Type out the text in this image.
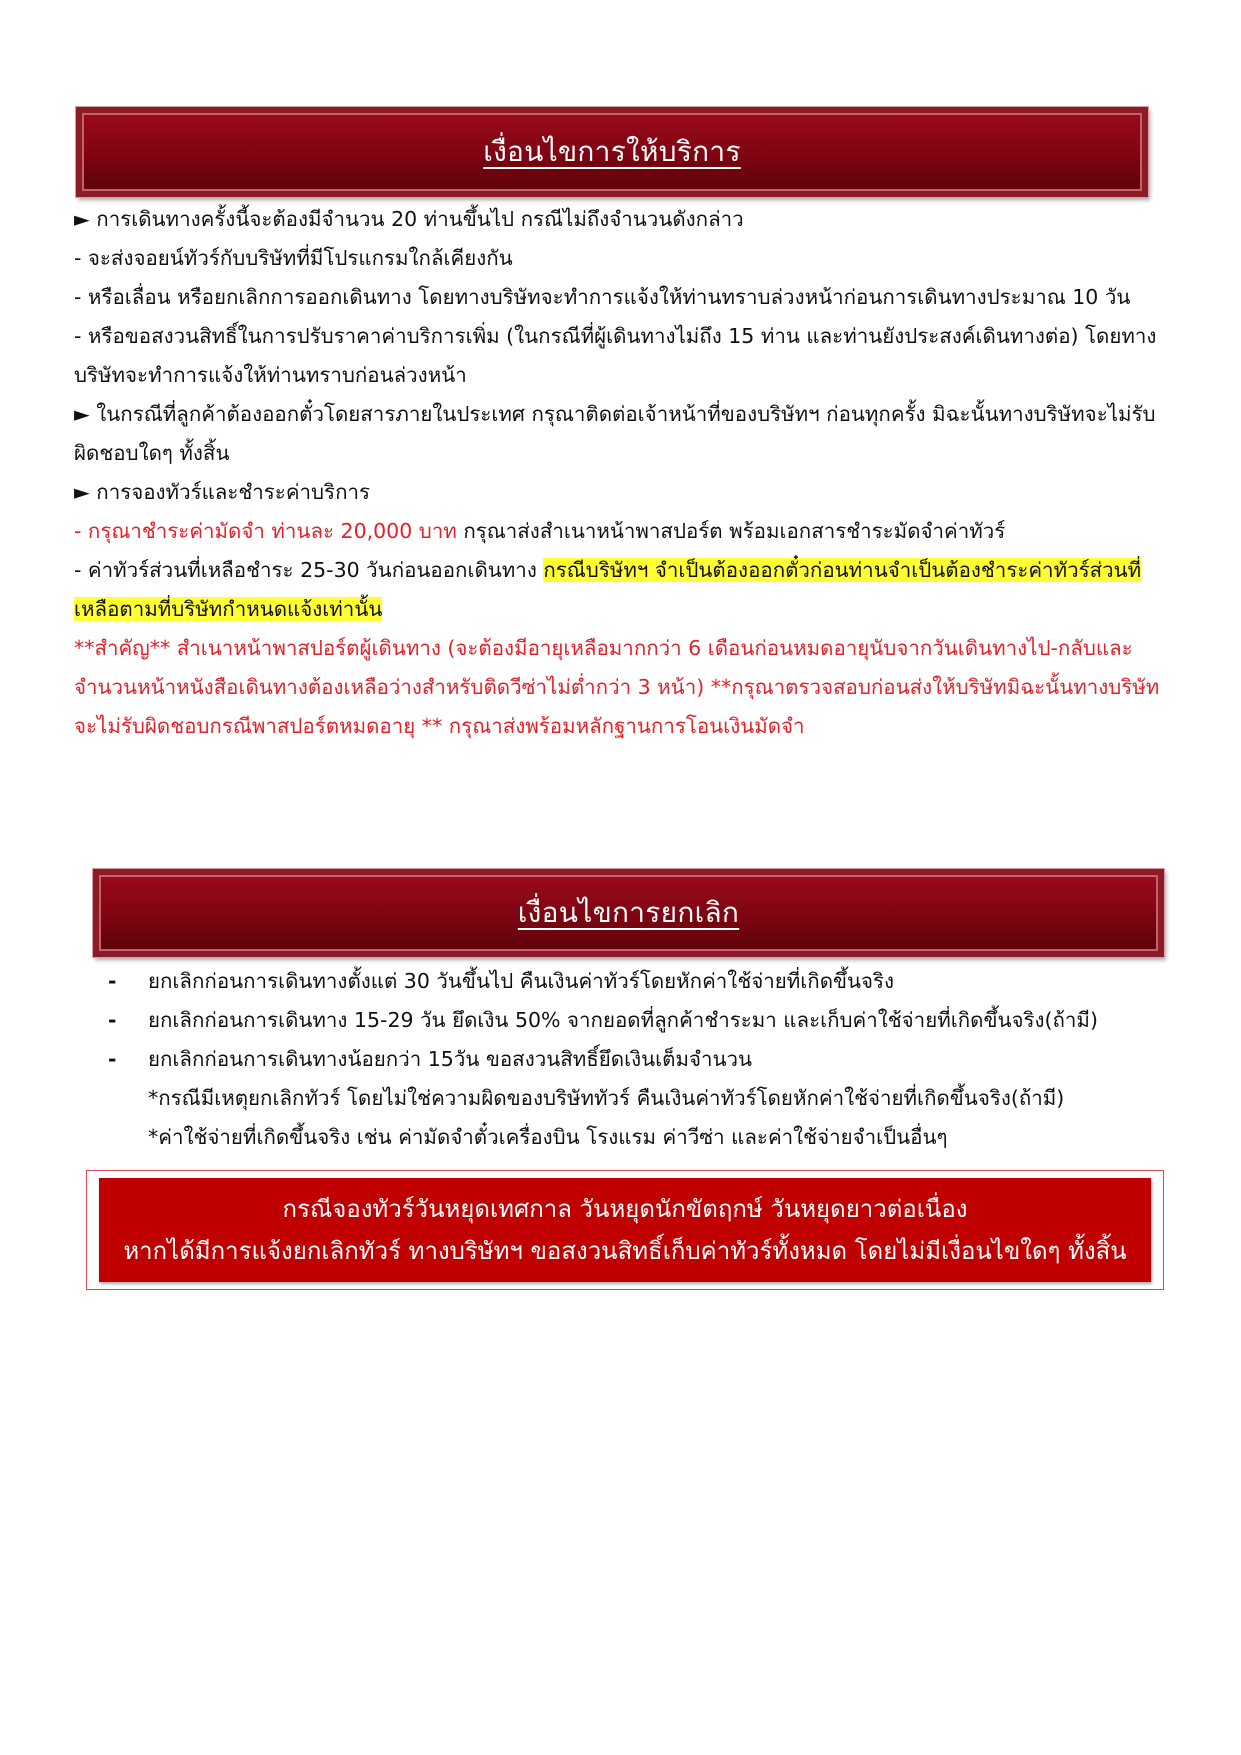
เงื่อนไขการให้บริการ

► การเดินทางครั้งนี้จะต้องมีจำนวน 20 ท่านขึ้นไป กรณีไม่ถึงจำนวนดังกล่าว

- จะส่งจอยน์ทัวร์กับบริษัทที่มีโปรแกรมใกล้เคียงกัน

- หรือเลื่อน หรือยกเลิกการออกเดินทาง โดยทางบริษัทจะทำการแจ้งให้ท่านทราบล่วงหน้าก่อนการเดินทางประมาณ 10 วัน

- หรือขอสงวนสิทธิ์ในการปรับราคาค่าบริการเพิ่ม (ในกรณีที่ผู้เดินทางไม่ถึง 15 ท่าน และท่านยังประสงค์เดินทางต่อ) โดยทางบริษัทจะทำการแจ้งให้ท่านทราบก่อนล่วงหน้า

► ในกรณีที่ลูกค้าต้องออกตั๋วโดยสารภายในประเทศ กรุณาติดต่อเจ้าหน้าที่ของบริษัทฯ ก่อนทุกครั้ง มิฉะนั้นทางบริษัทจะไม่รับผิดชอบใดๆ ทั้งสิ้น

► การจองทัวร์และชำระค่าบริการ

- กรุณาชำระค่ามัดจำ ท่านละ 20,000 บาท กรุณาส่งสำเนาหน้าพาสปอร์ต พร้อมเอกสารชำระมัดจำค่าทัวร์

- ค่าทัวร์ส่วนที่เหลือชำระ 25-30 วันก่อนออกเดินทาง กรณีบริษัทฯ จำเป็นต้องออกตั๋วก่อนท่านจำเป็นต้องชำระค่าทัวร์ส่วนที่เหลือตามที่บริษัทกำหนดแจ้งเท่านั้น

**สำคัญ** สำเนาหน้าพาสปอร์ตผู้เดินทาง (จะต้องมีอายุเหลือมากกว่า 6 เดือนก่อนหมดอายุนับจากวันเดินทางไป-กลับและจำนวนหน้าหนังสือเดินทางต้องเหลือว่างสำหรับติดวีซ่าไม่ต่ำกว่า 3 หน้า) **กรุณาตรวจสอบก่อนส่งให้บริษัทมิฉะนั้นทางบริษัทจะไม่รับผิดชอบกรณีพาสปอร์ตหมดอายุ ** กรุณาส่งพร้อมหลักฐานการโอนเงินมัดจำ

เงื่อนไขการยกเลิก
-	ยกเลิกก่อนการเดินทางตั้งแต่ 30 วันขึ้นไป คืนเงินค่าทัวร์โดยหักค่าใช้จ่ายที่เกิดขึ้นจริง
-	ยกเลิกก่อนการเดินทาง 15-29 วัน ยึดเงิน 50% จากยอดที่ลูกค้าชำระมา และเก็บค่าใช้จ่ายที่เกิดขึ้นจริง(ถ้ามี)
-	ยกเลิกก่อนการเดินทางน้อยกว่า 15วัน ขอสงวนสิทธิ์ยึดเงินเต็มจำนวน
*กรณีมีเหตุยกเลิกทัวร์ โดยไม่ใช่ความผิดของบริษัททัวร์ คืนเงินค่าทัวร์โดยหักค่าใช้จ่ายที่เกิดขึ้นจริง(ถ้ามี)
*ค่าใช้จ่ายที่เกิดขึ้นจริง เช่น ค่ามัดจำตั๋วเครื่องบิน โรงแรม ค่าวีซ่า และค่าใช้จ่ายจำเป็นอื่นๆ
กรณีจองทัวร์วันหยุดเทศกาล วันหยุดนักขัตฤกษ์ วันหยุดยาวต่อเนื่อง
หากได้มีการแจ้งยกเลิกทัวร์ ทางบริษัทฯ ขอสงวนสิทธิ์เก็บค่าทัวร์ทั้งหมด โดยไม่มีเงื่อนไขใดๆ ทั้งสิ้น
